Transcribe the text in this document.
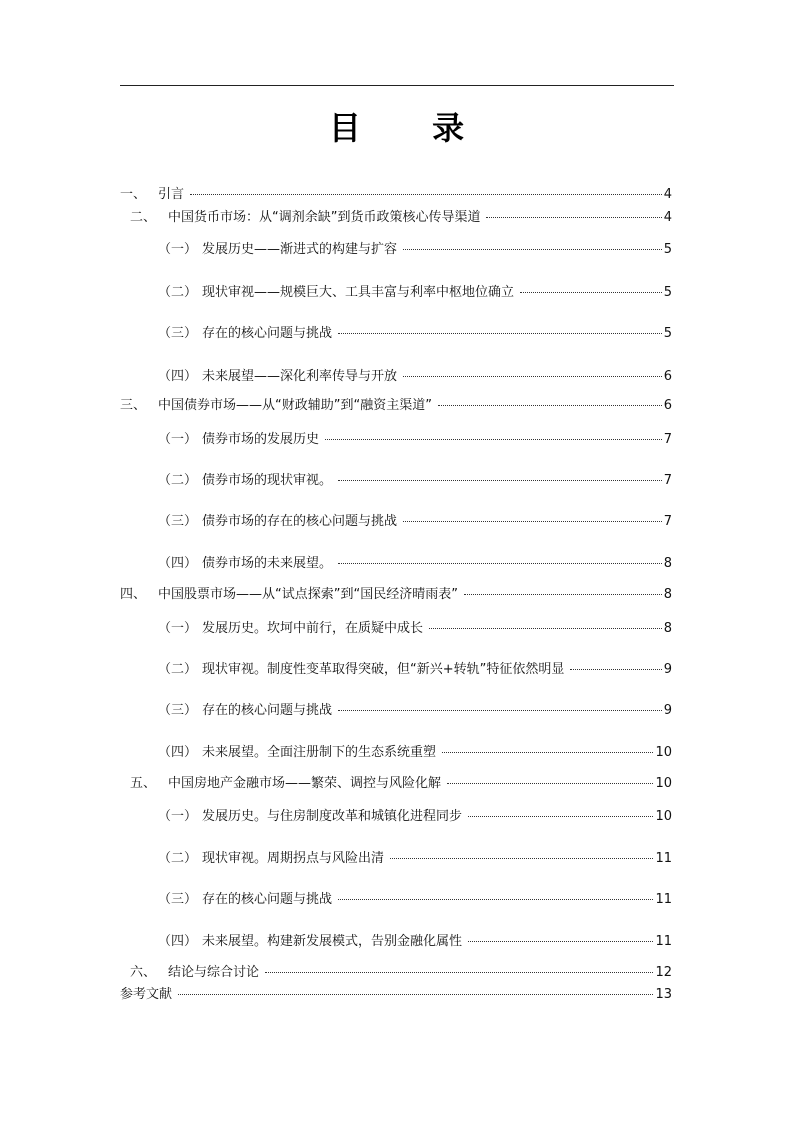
目 录
一、 引言	4
二、 中国货币市场：从“调剂余缺”到货币政策核心传导渠道	4
（一） 发展历史——渐进式的构建与扩容	5
（二） 现状审视——规模巨大、工具丰富与利率中枢地位确立	5
（三） 存在的核心问题与挑战	5
（四） 未来展望——深化利率传导与开放	6
三、 中国债券市场——从“财政辅助”到“融资主渠道”	6
（一） 债券市场的发展历史	7
（二） 债券市场的现状审视。	7
（三） 债券市场的存在的核心问题与挑战	7
（四） 债券市场的未来展望。	8
四、 中国股票市场——从“试点探索”到“国民经济晴雨表”	8
（一） 发展历史。坎坷中前行，在质疑中成长	8
（二） 现状审视。制度性变革取得突破，但“新兴+转轨”特征依然明显	9
（三） 存在的核心问题与挑战	9
（四） 未来展望。全面注册制下的生态系统重塑	10
五、 中国房地产金融市场——繁荣、调控与风险化解	10
（一） 发展历史。与住房制度改革和城镇化进程同步	10
（二） 现状审视。周期拐点与风险出清	11
（三） 存在的核心问题与挑战	11
（四） 未来展望。构建新发展模式，告别金融化属性	11
六、 结论与综合讨论	12
参考文献	13
